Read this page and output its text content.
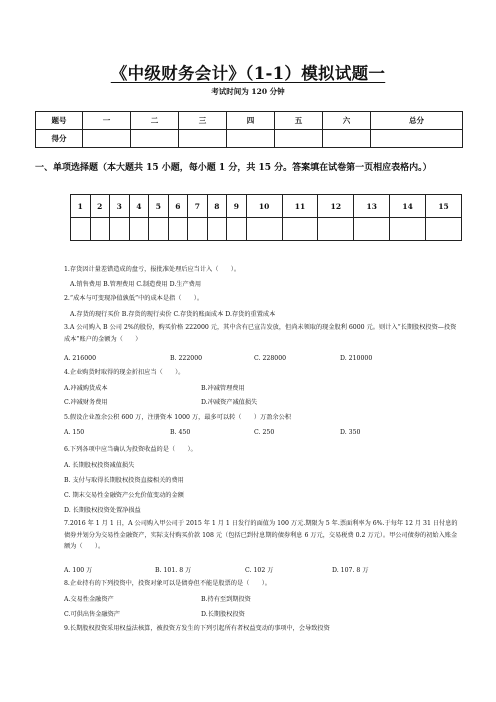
《中级财务会计》（1-1）模拟试题一
考试时间为 120 分钟
题号	一	二	三	四	五	六	总分
得分							
一、单项选择题（本大题共 15 小题，每小题 1 分，共 15 分。答案填在试卷第一页相应表格内。）
1	2	3	4	5	6	7	8	9	10	11	12	13	14	15

1.存货因计量差错造成的盘亏，报批准处理后应当计入（　　）。
A.销售费用 B.管理费用 C.制造费用 D.生产费用
2.“成本与可变现净值孰低”中的成本是指（　　）。
A.存货的现行买价 B.存货的现行卖价 C.存货的账面成本 D.存货的重置成本
3.A 公司购入 B 公司 2%的股份，购买价格 222000 元，其中含有已宣告发放，但尚未领取的现金股利 6000 元。则计入“长期股权投资—投资成本”账户的金额为（　　）
A. 216000	B. 222000	C. 228000	D. 210000
4.企业购货时取得的现金折扣应当（　　）。
A.冲减购货成本	B.冲减管理费用
C.冲减财务费用	D.冲减资产减值损失
5.假设企业盈余公积 600 万，注册资本 1000 万，最多可以转（　　）万盈余公积
A. 150	B. 450	C. 250	D. 350
6.下列各项中应当确认为投资收益的是（　　）。
A. 长期股权投资减值损失
B. 支付与取得长期股权投资直接相关的费用
C. 期末交易性金融资产公允价值变动的金额
D. 长期股权投资处置净损益
7.2016 年 1 月 1 日，A 公司购入甲公司于 2015 年 1 月 1 日发行的面值为 100 万元.期限为 5 年.票面利率为 6%.于每年 12 月 31 日付息的债券并划分为交易性金融资产，实际支付购买价款 108 元（包括已到付息期的债券利息 6 万元，交易税费 0.2 万元）。甲公司债券的初始入账金额为（　　）。
A. 100 万	B. 101. 8 万	C. 102 万	D. 107. 8 万
8.企业持有的下列投资中，投资对象可以是债券但不能是股票的是（　　）。
A.交易性金融资产	B.持有至到期投资
C.可供出售金融资产	D.长期股权投资
9.长期股权投资采用权益法核算，被投资方发生的下列引起所有者权益变动的事项中，会导致投资
